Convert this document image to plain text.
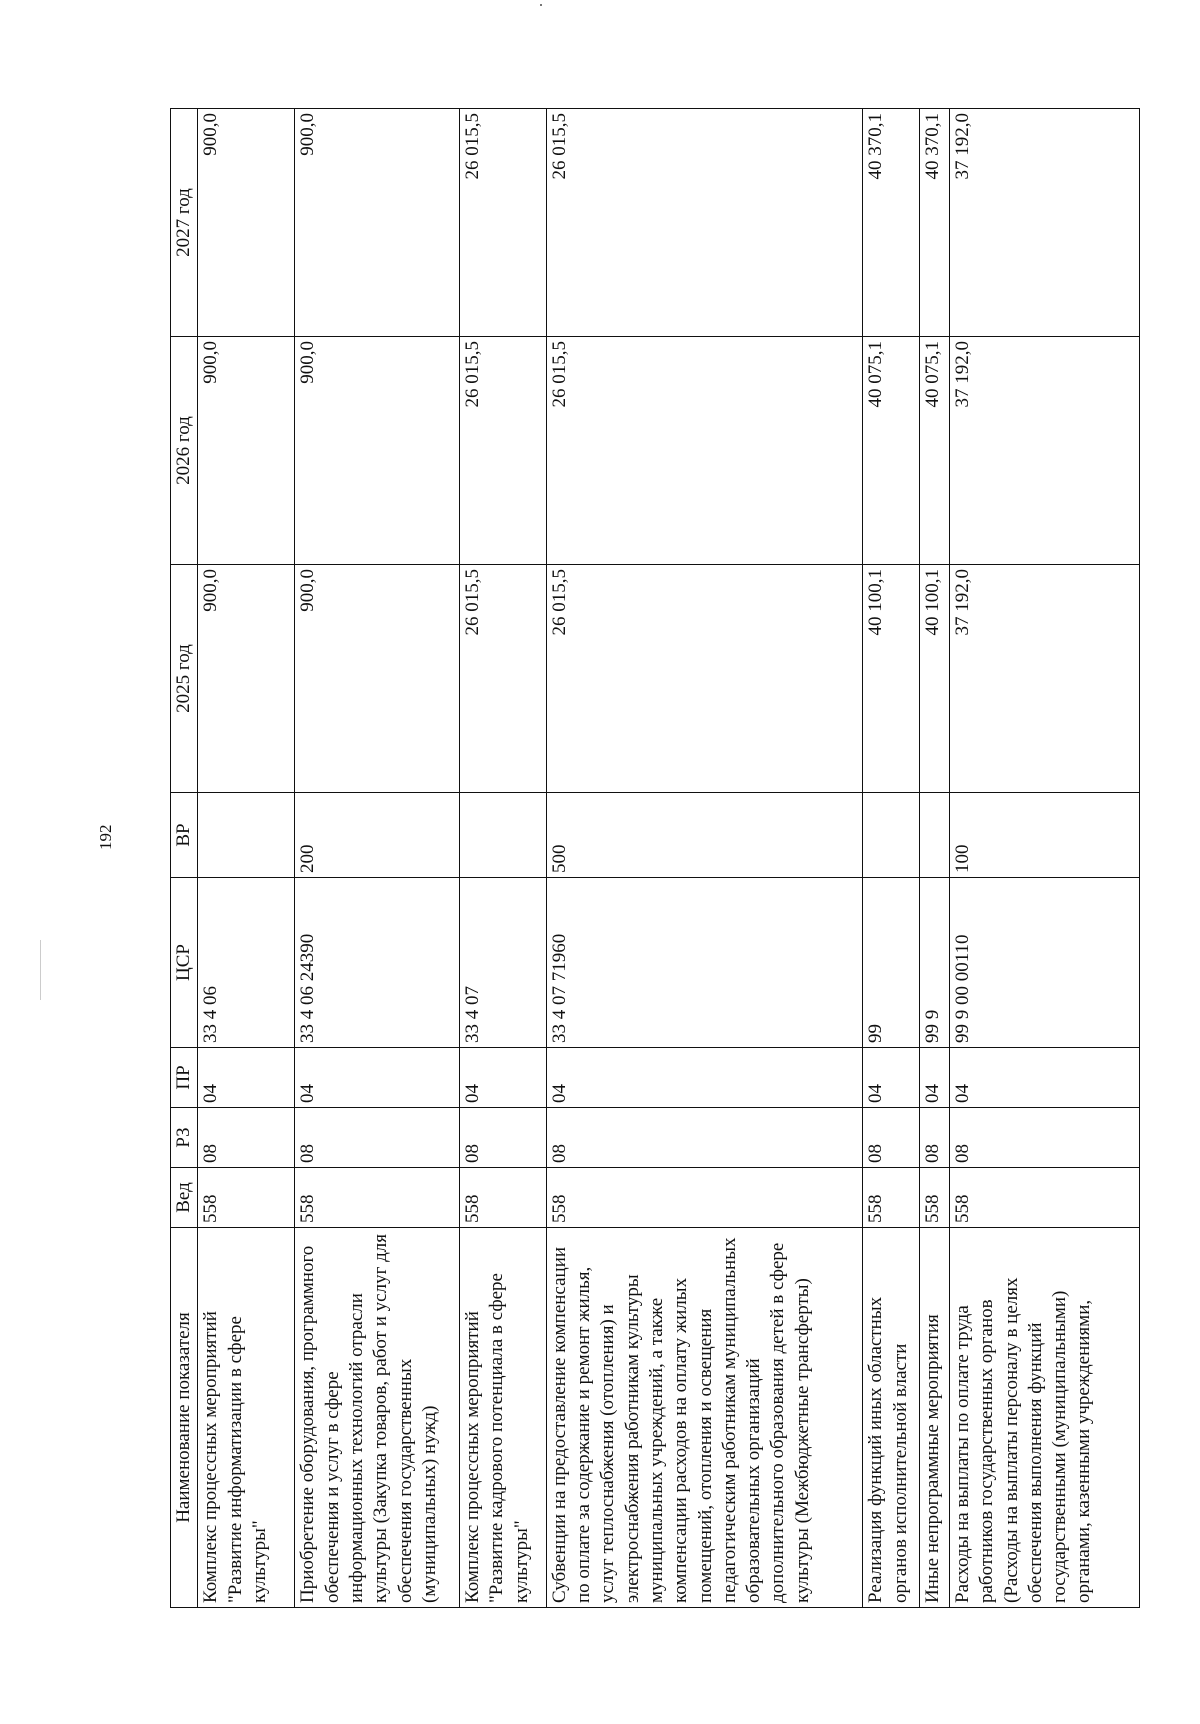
192
Наименование показателя	Вед	РЗ	ПР	ЦСР	ВР	2025 год	2026 год	2027 год
Комплекс процессных мероприятий "Развитие информатизации в сфере культуры"	558	08	04	33 4 06		900,0	900,0	900,0
Приобретение оборудования, программного обеспечения и услуг в сфере информационных технологий отрасли культуры (Закупка товаров, работ и услуг для обеспечения государственных (муниципальных) нужд)	558	08	04	33 4 06 24390	200	900,0	900,0	900,0
Комплекс процессных мероприятий "Развитие кадрового потенциала в сфере культуры"	558	08	04	33 4 07		26 015,5	26 015,5	26 015,5
Субвенции на предоставление компенсации по оплате за содержание и ремонт жилья, услуг теплоснабжения (отопления) и электроснабжения работникам культуры муниципальных учреждений, а также компенсации расходов на оплату жилых помещений, отопления и освещения педагогическим работникам муниципальных образовательных организаций дополнительного образования детей в сфере культуры (Межбюджетные трансферты)	558	08	04	33 4 07 71960	500	26 015,5	26 015,5	26 015,5
Реализация функций иных областных органов исполнительной власти	558	08	04	99		40 100,1	40 075,1	40 370,1
Иные непрограммные мероприятия	558	08	04	99 9		40 100,1	40 075,1	40 370,1
Расходы на выплаты по оплате труда работников государственных органов (Расходы на выплаты персоналу в целях обеспечения выполнения функций государственными (муниципальными) органами, казенными учреждениями,	558	08	04	99 9 00 00110	100	37 192,0	37 192,0	37 192,0
